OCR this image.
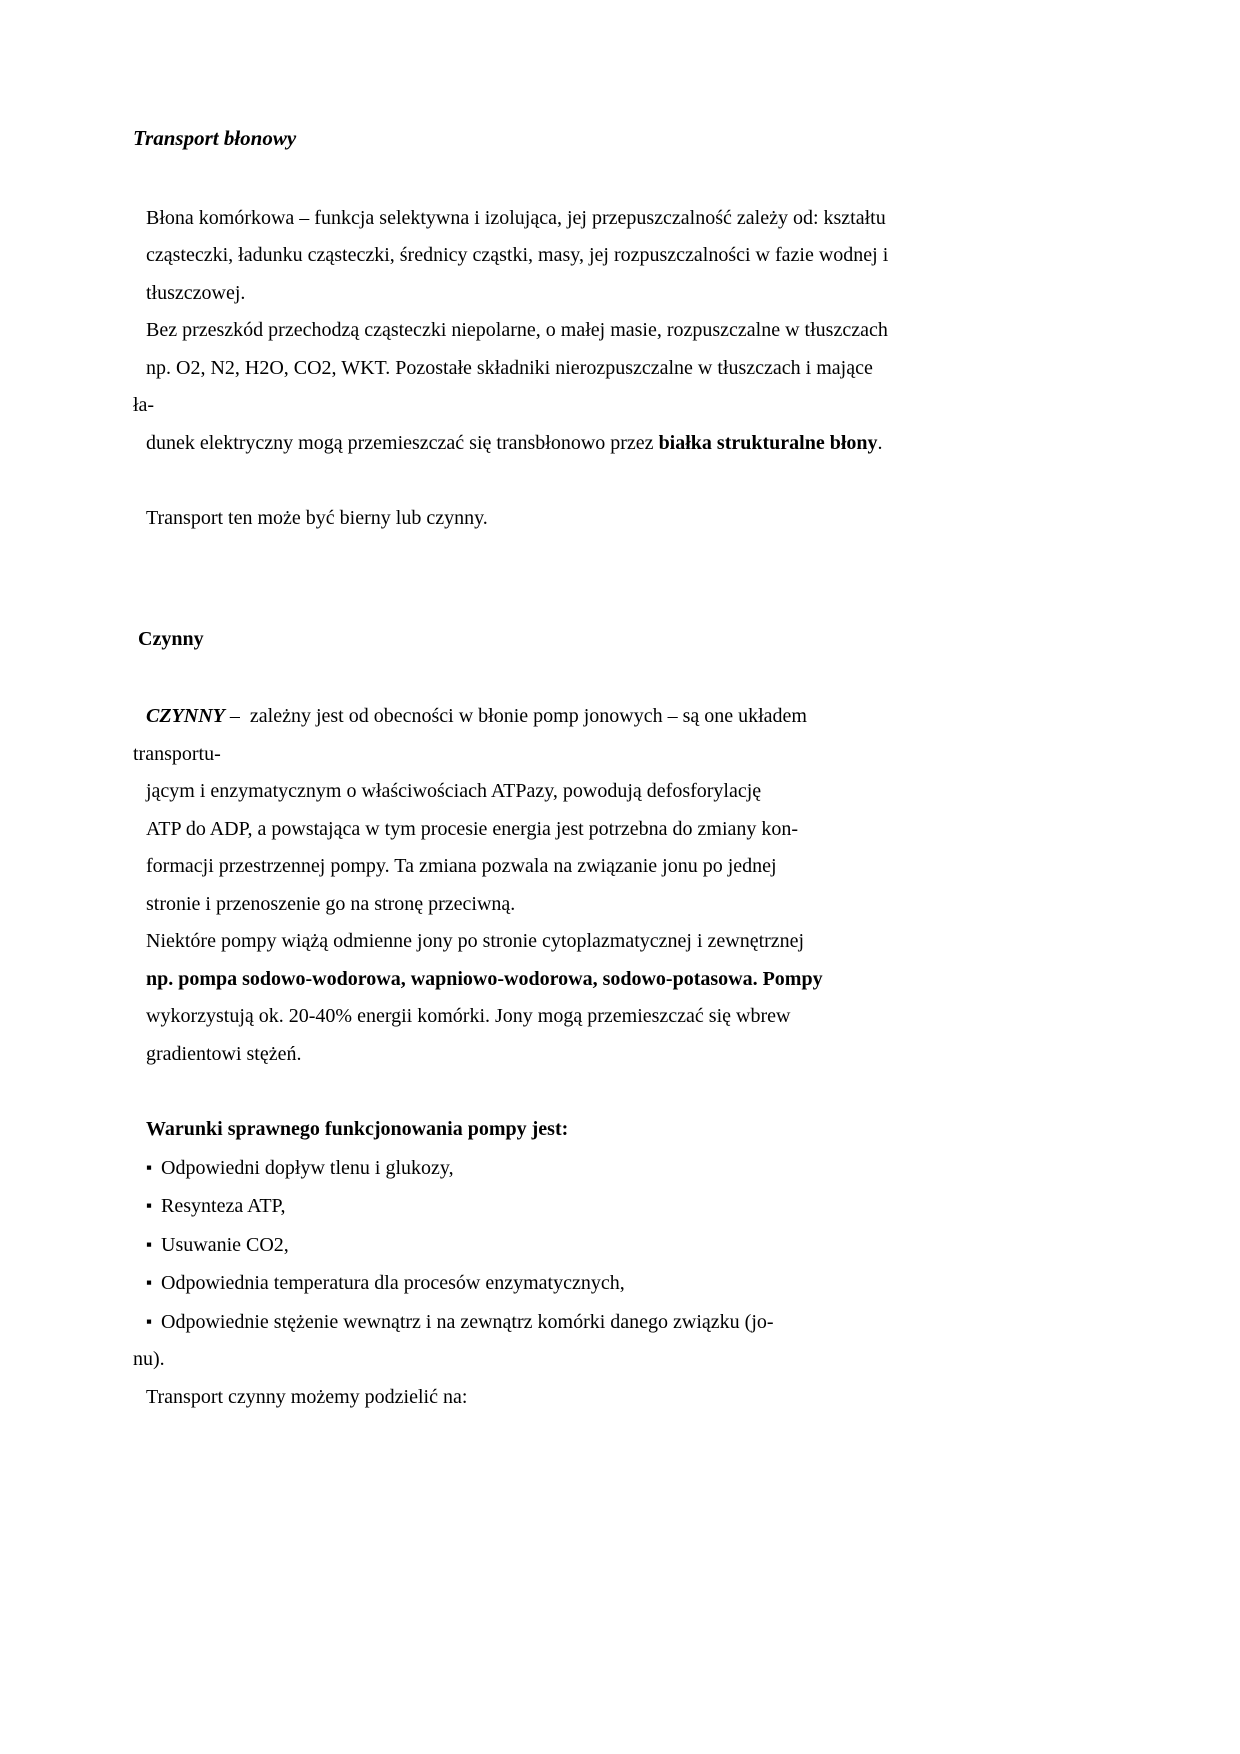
Transport błonowy
Błona komórkowa – funkcja selektywna i izolująca, jej przepuszczalność zależy od: kształtu
cząsteczki, ładunku cząsteczki, średnicy cząstki, masy, jej rozpuszczalności w fazie wodnej i
tłuszczowej.
Bez przeszkód przechodzą cząsteczki niepolarne, o małej masie, rozpuszczalne w tłuszczach
np. O2, N2, H2O, CO2, WKT. Pozostałe składniki nierozpuszczalne w tłuszczach i mające
ła-
dunek elektryczny mogą przemieszczać się transbłonowo przez białka strukturalne błony.
Transport ten może być bierny lub czynny.
Czynny
CZYNNY –  zależny jest od obecności w błonie pomp jonowych – są one układem
transportu-
jącym i enzymatycznym o właściwościach ATPazy, powodują defosforylację
ATP do ADP, a powstająca w tym procesie energia jest potrzebna do zmiany kon-
formacji przestrzennej pompy. Ta zmiana pozwala na związanie jonu po jednej
stronie i przenoszenie go na stronę przeciwną.
Niektóre pompy wiążą odmienne jony po stronie cytoplazmatycznej i zewnętrznej
np. pompa sodowo-wodorowa, wapniowo-wodorowa, sodowo-potasowa. Pompy
wykorzystują ok. 20-40% energii komórki. Jony mogą przemieszczać się wbrew
gradientowi stężeń.
Warunki sprawnego funkcjonowania pompy jest:
▪ Odpowiedni dopływ tlenu i glukozy,
▪ Resynteza ATP,
▪ Usuwanie CO2,
▪ Odpowiednia temperatura dla procesów enzymatycznych,
▪ Odpowiednie stężenie wewnątrz i na zewnątrz komórki danego związku (jo-
nu).
Transport czynny możemy podzielić na:
